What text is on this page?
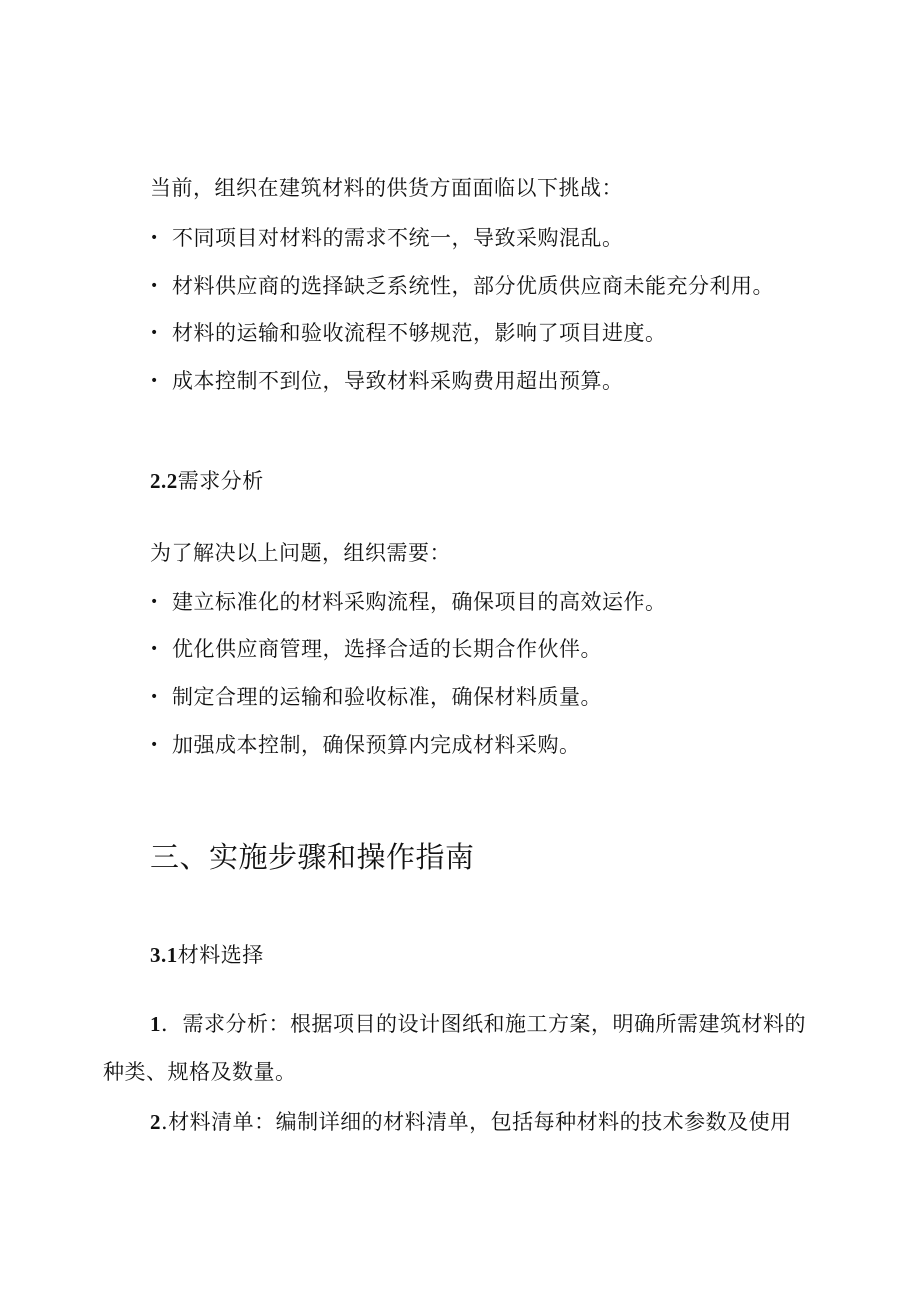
当前，组织在建筑材料的供货方面面临以下挑战：
• 不同项目对材料的需求不统一，导致采购混乱。
• 材料供应商的选择缺乏系统性，部分优质供应商未能充分利用。
• 材料的运输和验收流程不够规范，影响了项目进度。
• 成本控制不到位，导致材料采购费用超出预算。
2.2需求分析
为了解决以上问题，组织需要：
• 建立标准化的材料采购流程，确保项目的高效运作。
• 优化供应商管理，选择合适的长期合作伙伴。
• 制定合理的运输和验收标准，确保材料质量。
• 加强成本控制，确保预算内完成材料采购。
三、实施步骤和操作指南
3.1材料选择
1．需求分析：根据项目的设计图纸和施工方案，明确所需建筑材料的
种类、规格及数量。
2.材料清单：编制详细的材料清单，包括每种材料的技术参数及使用
